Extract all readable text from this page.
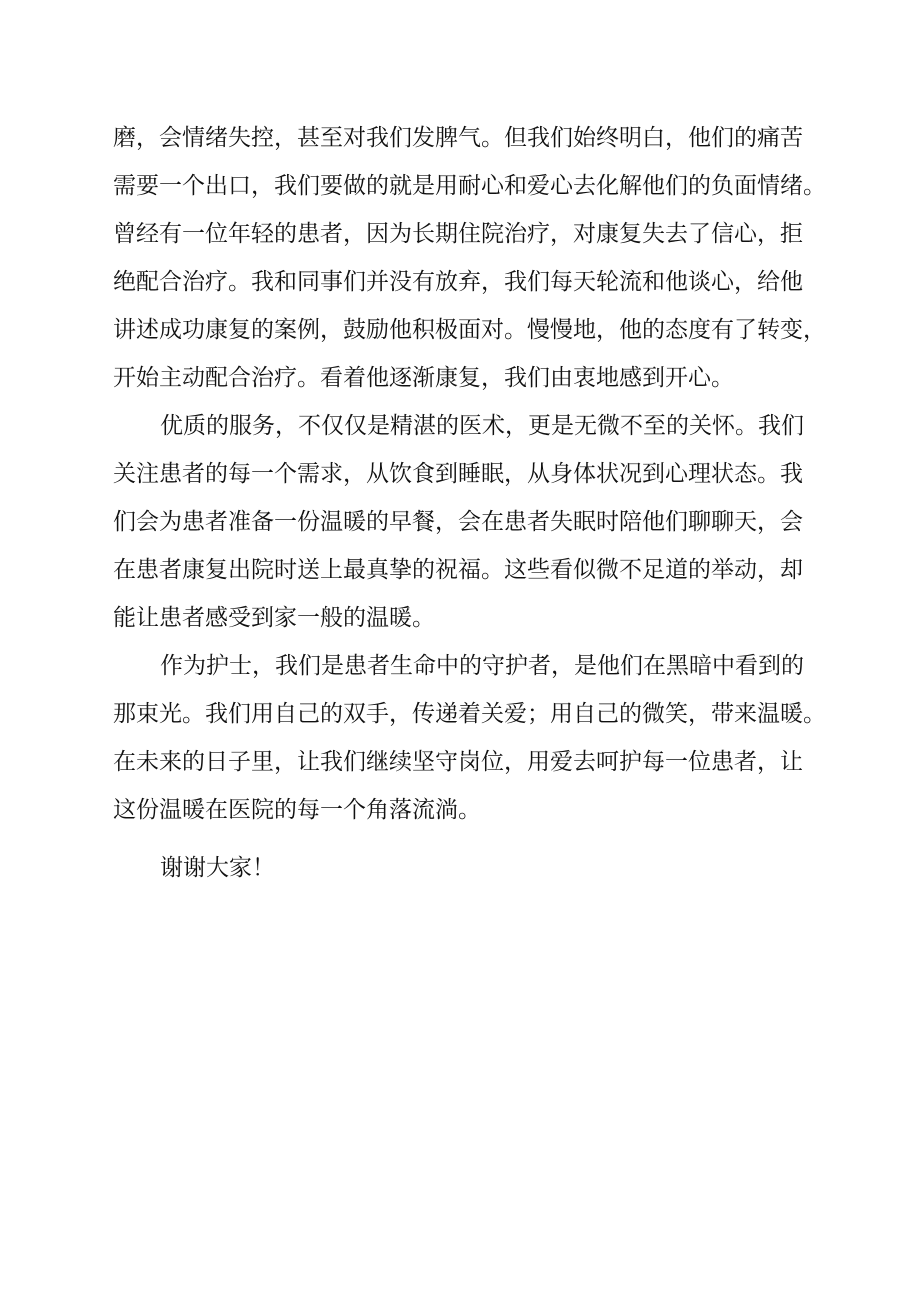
磨，会情绪失控，甚至对我们发脾气。但我们始终明白，他们的痛苦
需要一个出口，我们要做的就是用耐心和爱心去化解他们的负面情绪。
曾经有一位年轻的患者，因为长期住院治疗，对康复失去了信心，拒
绝配合治疗。我和同事们并没有放弃，我们每天轮流和他谈心，给他
讲述成功康复的案例，鼓励他积极面对。慢慢地，他的态度有了转变，
开始主动配合治疗。看着他逐渐康复，我们由衷地感到开心。
优质的服务，不仅仅是精湛的医术，更是无微不至的关怀。我们
关注患者的每一个需求，从饮食到睡眠，从身体状况到心理状态。我
们会为患者准备一份温暖的早餐，会在患者失眠时陪他们聊聊天，会
在患者康复出院时送上最真挚的祝福。这些看似微不足道的举动，却
能让患者感受到家一般的温暖。
作为护士，我们是患者生命中的守护者，是他们在黑暗中看到的
那束光。我们用自己的双手，传递着关爱；用自己的微笑，带来温暖。
在未来的日子里，让我们继续坚守岗位，用爱去呵护每一位患者，让
这份温暖在医院的每一个角落流淌。
谢谢大家！
